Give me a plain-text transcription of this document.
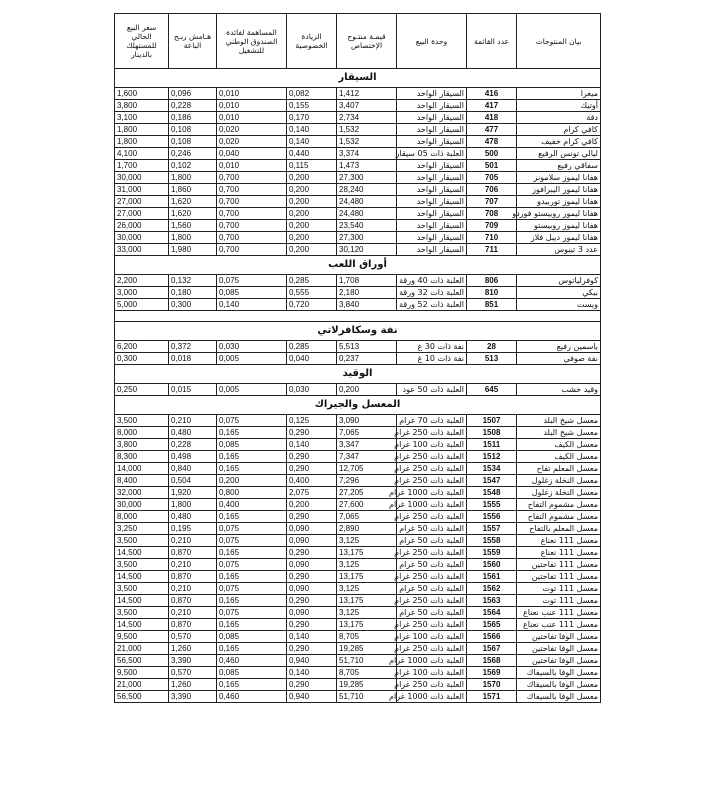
سعر البيع الحالي للمستهلك بالدينار	هـامش ربـح الباعة	المساهمة لفائدة الصندوق الوطني للتشغيل	الزيادة الخصوصية	قيمـة منتـوج الإختصاص	وحدة البيع	عدد القائمة	بيان المنتوجات
السيقار							
1,600	0,096	0,010	0,082	1,412	السيقار الواحد	416	ميغرا
3,800	0,228	0,010	0,155	3,407	السيقار الواحد	417	أوتيك
3,100	0,186	0,010	0,170	2,734	السيقار الواحد	418	دقة
1,800	0,108	0,020	0,140	1,532	السيقار الواحد	477	كافي كرام
1,800	0,108	0,020	0,140	1,532	السيقار الواحد	478	كافي كرام خفيف
4,100	0,246	0,040	0,440	3,374	العلبة ذات 05 سيقار	500	ليالي تونس الرفيع
1,700	0,102	0,010	0,115	1,473	السيقار الواحد	501	سفاقي رفيع
30,000	1,800	0,700	0,200	27,300	السيقار الواحد	705	هفانا ليموز سلامونز
31,000	1,860	0,700	0,200	28,240	السيقار الواحد	706	هفانا ليموز اليبرافوز
27,000	1,620	0,700	0,200	24,480	السيقار الواحد	707	هفانا ليموز توربيدو
27,000	1,620	0,700	0,200	24,480	السيقار الواحد	708	هفانا ليموز روبيستو فوردو
26,000	1,560	0,700	0,200	23,540	السيقار الواحد	709	هفانا ليموز روبيستو
30,000	1,800	0,700	0,200	27,300	السيقار الواحد	710	هفانا ليموز ديبل فلاز
33,000	1,980	0,700	0,200	30,120	السيقار الواحد	711	عدد 3 تيبوس
أوراق اللعب							
2,200	0,132	0,075	0,285	1,708	العلبة ذات 40 ورقة	806	كوفرلياتوس
3,000	0,180	0,085	0,555	2,180	العلبة ذات 32 ورقة	810	بيكي
5,000	0,300	0,140	0,720	3,840	العلبة ذات 52 ورقة	851	ويست

نفة وسكافرلاتي							
6,200	0,372	0,030	0,285	5,513	نفة ذات 30 غ	28	ياسمين رفيع
0,300	0,018	0,005	0,040	0,237	نفة ذات 10 غ	513	نفة صوفي
الوقيد							
0,250	0,015	0,005	0,030	0,200	العلبة ذات 50 عود	645	وقيد خشب
المعسل والجيراك							
3,500	0,210	0,075	0,125	3,090	العلبة ذات 70 غرام	1507	معسل شيخ البلد
8,000	0,480	0,165	0,290	7,065	العلبة ذات 250 غرام	1508	معسل شيخ البلد
3,800	0,228	0,085	0,140	3,347	العلبة ذات 100 غرام	1511	معسل الكيف
8,300	0,498	0,165	0,290	7,347	العلبة ذات 250 غرام	1512	معسل الكيف
14,000	0,840	0,165	0,290	12,705	العلبة ذات 250 غرام	1534	معسل المعلم تفاح
8,400	0,504	0,200	0,400	7,296	العلبة ذات 250 غرام	1547	معسل النخلة زغلول
32,000	1,920	0,800	2,075	27,205	العلبة ذات 1000 غرام	1548	معسل النخلة زغلول
30,000	1,800	0,400	0,200	27,600	العلبة ذات 1000 غرام	1555	معسل مشموم التفاح
8,000	0,480	0,165	0,290	7,065	العلبة ذات 250 غرام	1556	معسل مشموم التفاح
3,250	0,195	0,075	0,090	2,890	العلبة ذات 50 غرام	1557	معسل المعلم بالتفاح
3,500	0,210	0,075	0,090	3,125	العلبة ذات 50 غرام	1558	معسل 111 نعناع
14,500	0,870	0,165	0,290	13,175	العلبة ذات 250 غرام	1559	معسل 111 نعناع
3,500	0,210	0,075	0,090	3,125	العلبة ذات 50 غرام	1560	معسل 111 تفاحتين
14,500	0,870	0,165	0,290	13,175	العلبة ذات 250 غرام	1561	معسل 111 تفاحتين
3,500	0,210	0,075	0,090	3,125	العلبة ذات 50 غرام	1562	معسل 111 توت
14,500	0,870	0,165	0,290	13,175	العلبة ذات 250 غرام	1563	معسل 111 توت
3,500	0,210	0,075	0,090	3,125	العلبة ذات 50 غرام	1564	معسل 111 عنب نعناع
14,500	0,870	0,165	0,290	13,175	العلبة ذات 250 غرام	1565	معسل 111 عنب نعناع
9,500	0,570	0,085	0,140	8,705	العلبة ذات 100 غرام	1566	معسل الوفا تفاحتين
21,000	1,260	0,165	0,290	19,285	العلبة ذات 250 غرام	1567	معسل الوفا تفاحتين
56,500	3,390	0,460	0,940	51,710	العلبة ذات 1000 غرام	1568	معسل الوفا تفاحتين
9,500	0,570	0,085	0,140	8,705	العلبة ذات 100 غرام	1569	معسل الوفا بالسيفاك
21,000	1,260	0,165	0,290	19,285	العلبة ذات 250 غرام	1570	معسل الوفا بالسيفاك
56,500	3,390	0,460	0,940	51,710	العلبة ذات 1000 غرام	1571	معسل الوفا بالسيفاك
